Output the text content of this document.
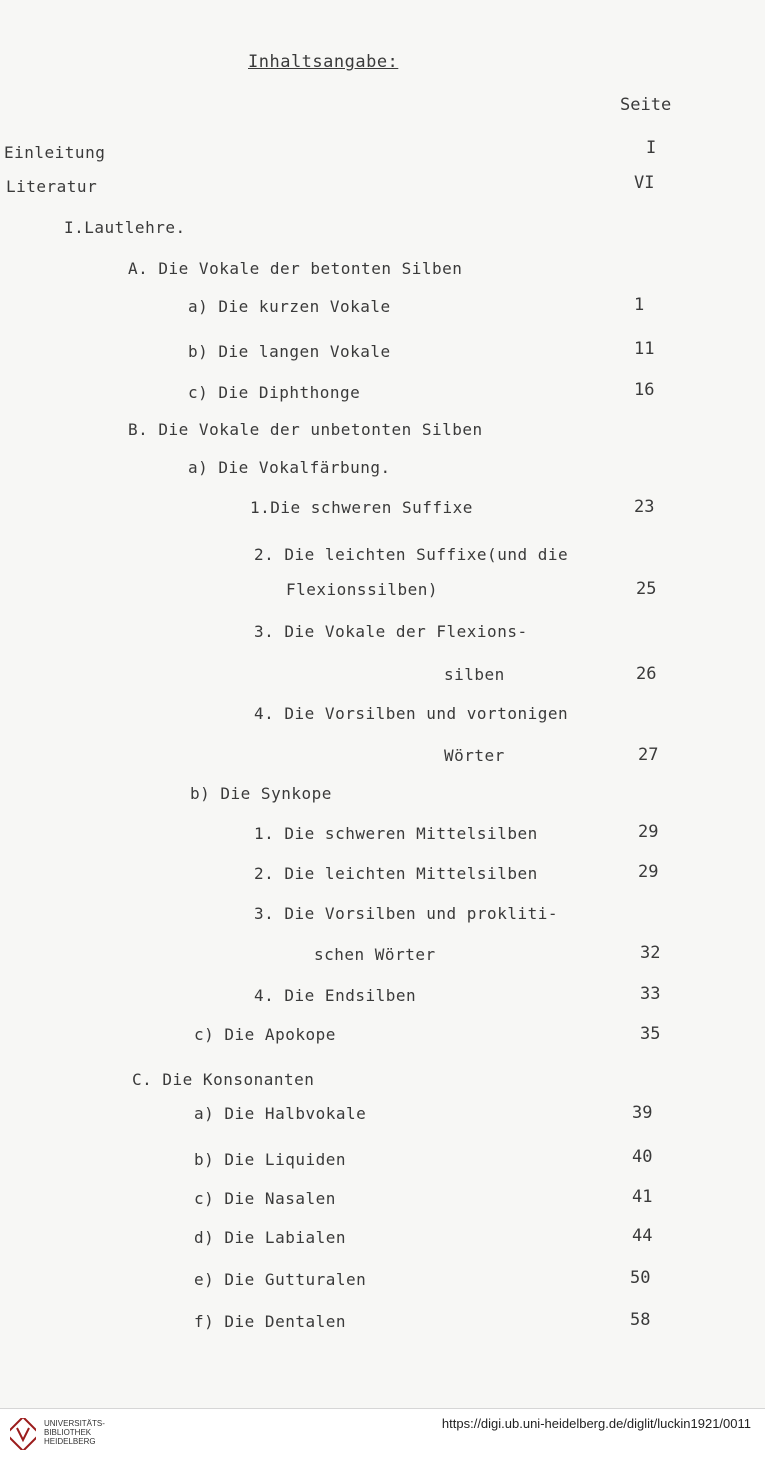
Inhaltsangabe:
Seite
Einleitung	I
Literatur	VI
I.Lautlehre.
A. Die Vokale der betonten Silben
a) Die kurzen Vokale	1
b) Die langen Vokale	11
c) Die Diphthonge	16
B. Die Vokale der unbetonten Silben
a) Die Vokalfärbung.
1.Die schweren Suffixe	23
2. Die leichten Suffixe(und die
Flexionssilben)	25
3. Die Vokale der Flexions-
silben	26
4. Die Vorsilben und vortonigen
Wörter	27
b) Die Synkope
1. Die schweren Mittelsilben	29
2. Die leichten Mittelsilben	29
3. Die Vorsilben und prokliti-
schen Wörter	32
4. Die Endsilben	33
c) Die Apokope	35
C. Die Konsonanten
a) Die Halbvokale	39
b) Die Liquiden	40
c) Die Nasalen	41
d) Die Labialen	44
e) Die Gutturalen	50
f) Die Dentalen	58
UNIVERSITÄTS-
BIBLIOTHEK
HEIDELBERG
https://digi.ub.uni-heidelberg.de/diglit/luckin1921/0011
